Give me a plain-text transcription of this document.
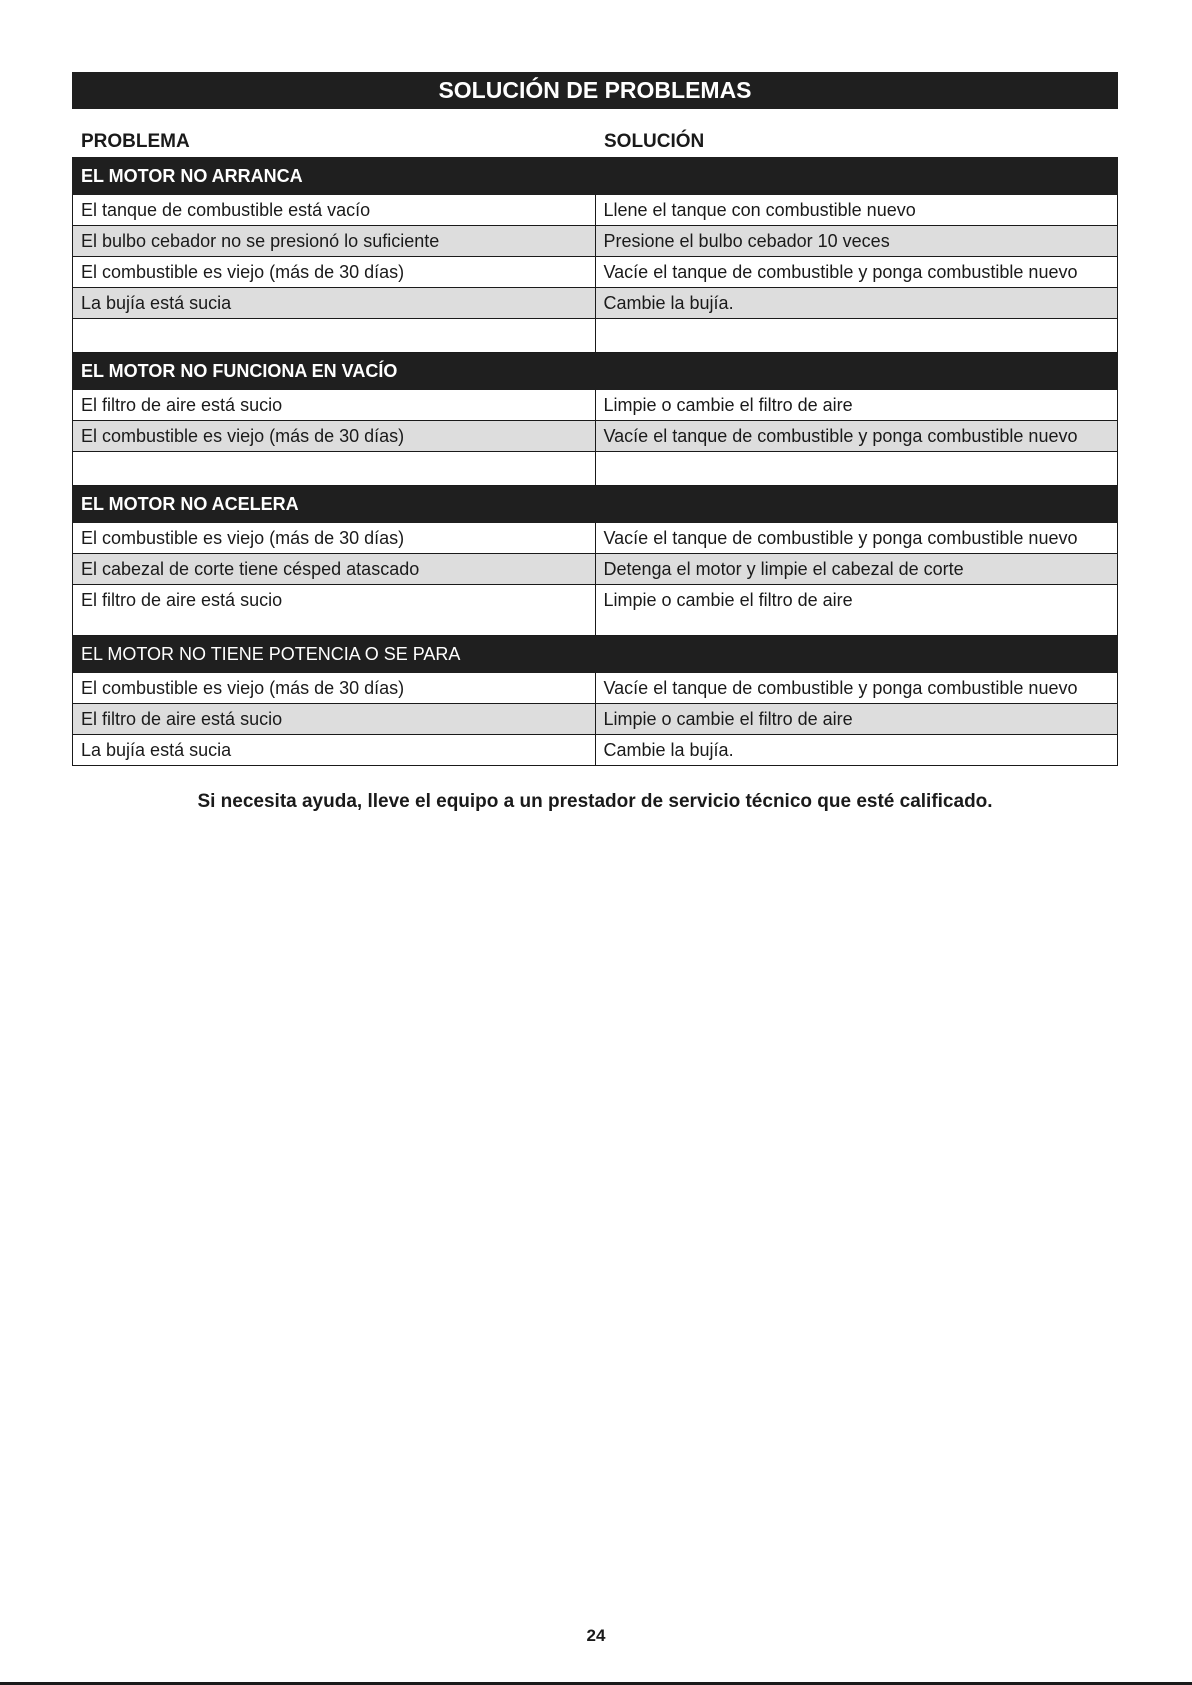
SOLUCIÓN DE PROBLEMAS
PROBLEMA	SOLUCIÓN
EL MOTOR NO ARRANCA	
El tanque de combustible está vacío	Llene el tanque con combustible nuevo
El bulbo cebador no se presionó lo suficiente	Presione el bulbo cebador 10 veces
El combustible es viejo (más de 30 días)	Vacíe el tanque de combustible y ponga combustible nuevo
La bujía está sucia	Cambie la bujía.

EL MOTOR NO FUNCIONA EN VACÍO	
El filtro de aire está sucio	Limpie o cambie el filtro de aire
El combustible es viejo (más de 30 días)	Vacíe el tanque de combustible y ponga combustible nuevo

EL MOTOR NO ACELERA	
El combustible es viejo (más de 30 días)	Vacíe el tanque de combustible y ponga combustible nuevo
El cabezal de corte tiene césped atascado	Detenga el motor y limpie el cabezal de corte
El filtro de aire está sucio	Limpie o cambie el filtro de aire
EL MOTOR NO TIENE POTENCIA O SE PARA	
El combustible es viejo (más de 30 días)	Vacíe el tanque de combustible y ponga combustible nuevo
El filtro de aire está sucio	Limpie o cambie el filtro de aire
La bujía está sucia	Cambie la bujía.
Si necesita ayuda, lleve el equipo a un prestador de servicio técnico que esté calificado.
24
